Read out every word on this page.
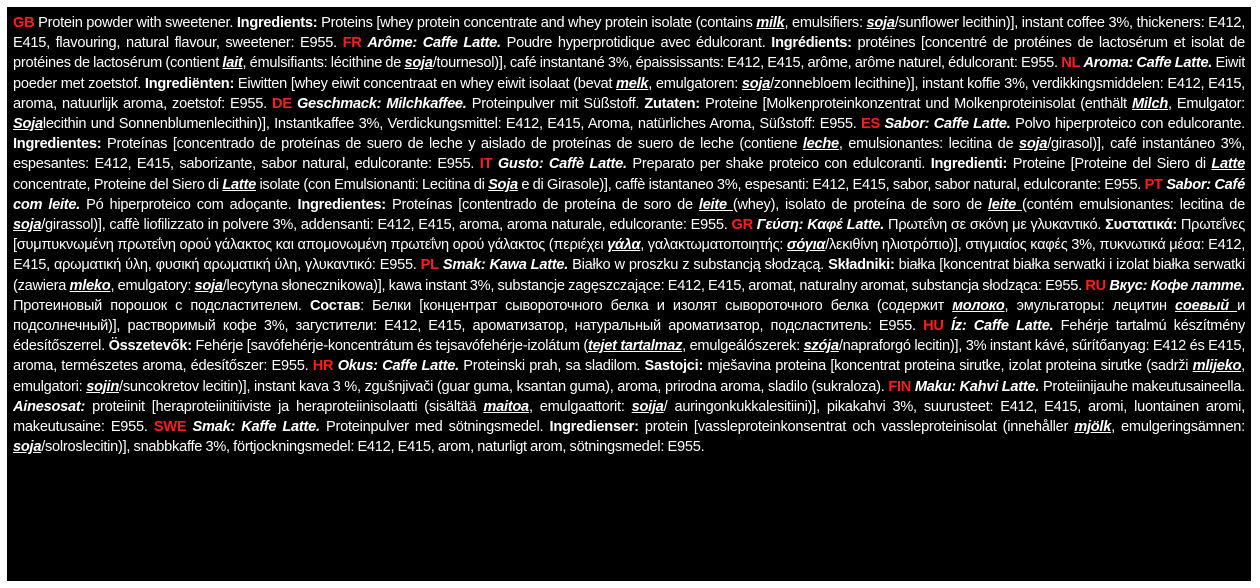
GB Protein powder with sweetener. Ingredients: Proteins [whey protein concentrate and whey protein isolate (contains milk, emulsifiers: soja/sunflower lecithin)], instant coffee 3%, thickeners: E412, E415, flavouring, natural flavour, sweetener: E955. FR Arôme: Caffe Latte. Poudre hyperprotidique avec édulcorant. Ingrédients: protéines [concentré de protéines de lactosérum et isolat de protéines de lactosérum (contient lait, émulsifiants: lécithine de soja/tournesol)], café instantané 3%, épaississants: E412, E415, arôme, arôme naturel, édulcorant: E955. NL Aroma: Caffe Latte. Eiwit poeder met zoetstof. Ingrediënten: Eiwitten [whey eiwit concentraat en whey eiwit isolaat (bevat melk, emulgatoren: soja/zonnebloem lecithine)], instant koffie 3%, verdikkingsmiddelen: E412, E415, aroma, natuurlijk aroma, zoetstof: E955. DE Geschmack: Milchkaffee. Proteinpulver mit Süßstoff. Zutaten: Proteine [Molkenproteinkonzentrat und Molkenproteinisolat (enthält Milch, Emulgator: Sojalecithin und Sonnenblumenlecithin)], Instantkaffee 3%, Verdickungsmittel: E412, E415, Aroma, natürliches Aroma, Süßstoff: E955. ES Sabor: Caffe Latte. Polvo hiperproteico con edulcorante. Ingredientes: Proteínas [concentrado de proteínas de suero de leche y aislado de proteínas de suero de leche (contiene leche, emulsionantes: lecitina de soja/girasol)], café instantáneo 3%, espesantes: E412, E415, saborizante, sabor natural, edulcorante: E955. IT Gusto: Caffè Latte. Preparato per shake proteico con edulcoranti. Ingredienti: Proteine [Proteine del Siero di Latte concentrate, Proteine del Siero di Latte isolate (con Emulsionanti: Lecitina di Soja e di Girasole)], caffè istantaneo 3%, espesanti: E412, E415, sabor, sabor natural, edulcorante: E955. PT Sabor: Café com leite. Pó hiperproteico com adoçante. Ingredientes: Proteínas [contentrado de proteína de soro de leite (whey), isolato de proteína de soro de leite (contém emulsionantes: lecitina de soja/girassol)], caffè liofilizzato in polvere 3%, addensanti: E412, E415, aroma, aroma naturale, edulcorante: E955. GR Γεύση: Καφέ Latte. Πρωτεΐνη σε σκόνη με γλυκαντικό. Συστατικά: Πρωτεΐνες [συμπυκνωμένη πρωτεΐνη ορού γάλακτος και απομονωμένη πρωτεΐνη ορού γάλακτος (περιέχει γάλα, γαλακτωματοποιητής: σόγια/λεκιθίνη ηλιοτρόπιο)], στιγμιαίος καφές 3%, πυκνωτικά μέσα: E412, E415, αρωματική ύλη, φυσική αρωματική ύλη, γλυκαντικό: E955. PL Smak: Kawa Latte. Białko w proszku z substancją słodzącą. Składniki: białka [koncentrat białka serwatki i izolat białka serwatki (zawiera mleko, emulgatory: soja/lecytyna słonecznikowa)], kawa instant 3%, substancje zagęszczające: E412, E415, aromat, naturalny aromat, substancja słodząca: E955. RU Вкус: Кофе латте. Протеиновый порошок с подсластителем. Состав: Белки [концентрат сывороточного белка и изолят сывороточного белка (содержит молоко, эмульгаторы: лецитин соевый и подсолнечный)], растворимый кофе 3%, загустители: E412, E415, ароматизатор, натуральный ароматизатор, подсластитель: E955. HU Íz: Caffe Latte. Fehérje tartalmú készítmény édesítőszerrel. Összetevők: Fehérje [savófehérje-koncentrátum és tejsavófehérje-izolátum (tejet tartalmaz, emulgeálószerek: szója/napraforgó lecitin)], 3% instant kávé, sűrítőanyag: E412 és E415, aroma, természetes aroma, édesítőszer: E955. HR Okus: Caffe Latte. Proteinski prah, sa sladilom. Sastojci: mješavina proteina [koncentrat proteina sirutke, izolat proteina sirutke (sadrži mlijeko, emulgatori: sojin/suncokretov lecitin)], instant kava 3 %, zgušnjivači (guar guma, ksantan guma), aroma, prirodna aroma, sladilo (sukraloza). FIN Maku: Kahvi Latte. Proteiinijauhe makeutusaineella. Ainesosat: proteiinit [heraproteiinitiiviste ja heraproteiinisolaatti (sisältää maitoa, emulgaattorit: soija/ auringonkukkalesitiini)], pikakahvi 3%, suurusteet: E412, E415, aromi, luontainen aromi, makeutusaine: E955. SWE Smak: Kaffe Latte. Proteinpulver med sötningsmedel. Ingredienser: protein [vassleproteinkonsentrat och vassleproteinisolat (innehåller mjölk, emulgeringsämnen: soja/solroslecitin)], snabbkaffe 3%, förtjockningsmedel: E412, E415, arom, naturligt arom, sötningsmedel: E955.
